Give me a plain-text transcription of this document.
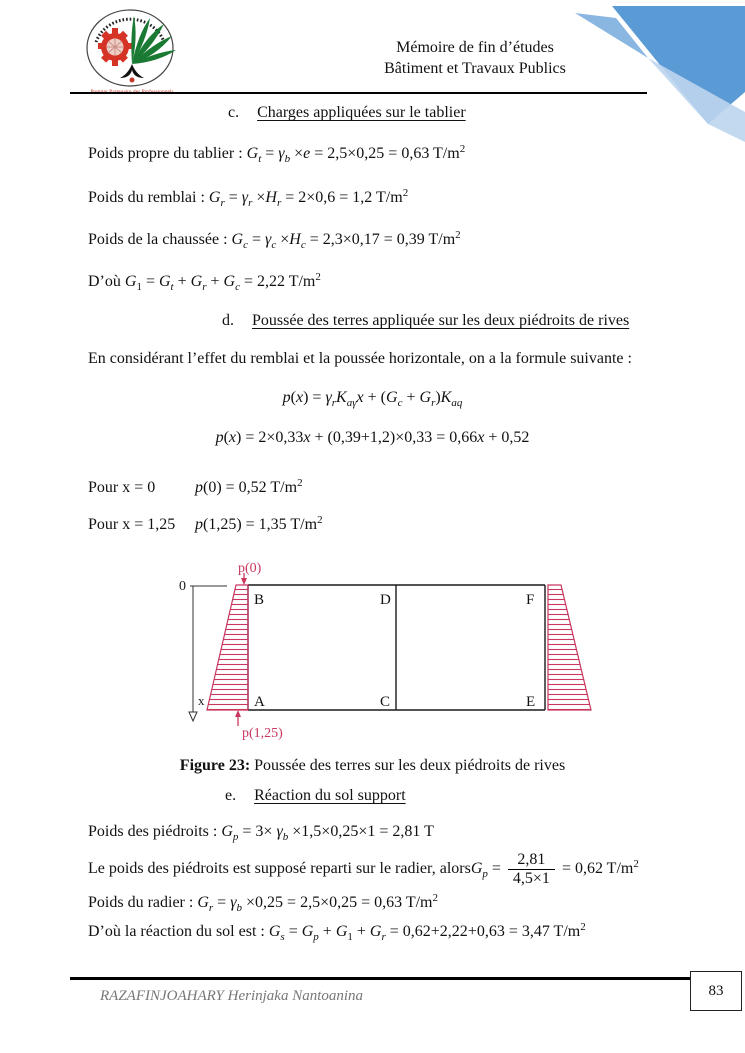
Mémoire de fin d’études
Bâtiment et Travaux Publics
c. Charges appliquées sur le tablier
Poids propre du tablier : $G_t = \gamma_b \times e = 2,5\times 0,25 = 0,63$ $T/m^2$
Poids du remblai : $G_r = \gamma_r \times H_r = 2\times 0,6 = 1,2$ $T/m^2$
Poids de la chaussée : $G_c = \gamma_c \times H_c = 2,3\times 0,17 = 0,39$ $T/m^2$
D’où $G_1 = G_t + G_r + G_c = 2,22$ $T/m^2$
d. Poussée des terres appliquée sur les deux piédroits de rives
En considérant l’effet du remblai et la poussée horizontale, on a la formule suivante :
$p(x) = \gamma_rK_{a\gamma}x + (G_c + G_r)K_{aq}$
p(x) = 2×0,33x + (0,39+1,2)×0,33 = 0,66x + 0,52
Pour x = 0 p(0) = 0,52 $T/m^2$
Pour x = 1,25 p(1,25) = 1,35 $T/m^2$
0
x
B	D	F
A	C	E
p(0)
p(1,25)
Figure 23: Poussée des terres sur les deux piédroits de rives
e. Réaction du sol support
Poids des piédroits : $G_p = 3\times \gamma_b \times 1,5\times 0,25\times 1 = 2,81$ T
Le poids des piédroits est supposé reparti sur le radier, alors $G_p = \frac{2,81}{4,5\times 1} = 0,62$ $T/m^2$
Poids du radier : $G_r = \gamma_b \times 0,25 = 2,5\times 0,25 = 0,63$ $T/m^2$
D’où la réaction du sol est : $G_s = G_p + G_1 + G_r = 0,62+2,22+0,63 = 3,47$ $T/m^2$
RAZAFINJOAHARY Herinjaka Nantoanina	83
